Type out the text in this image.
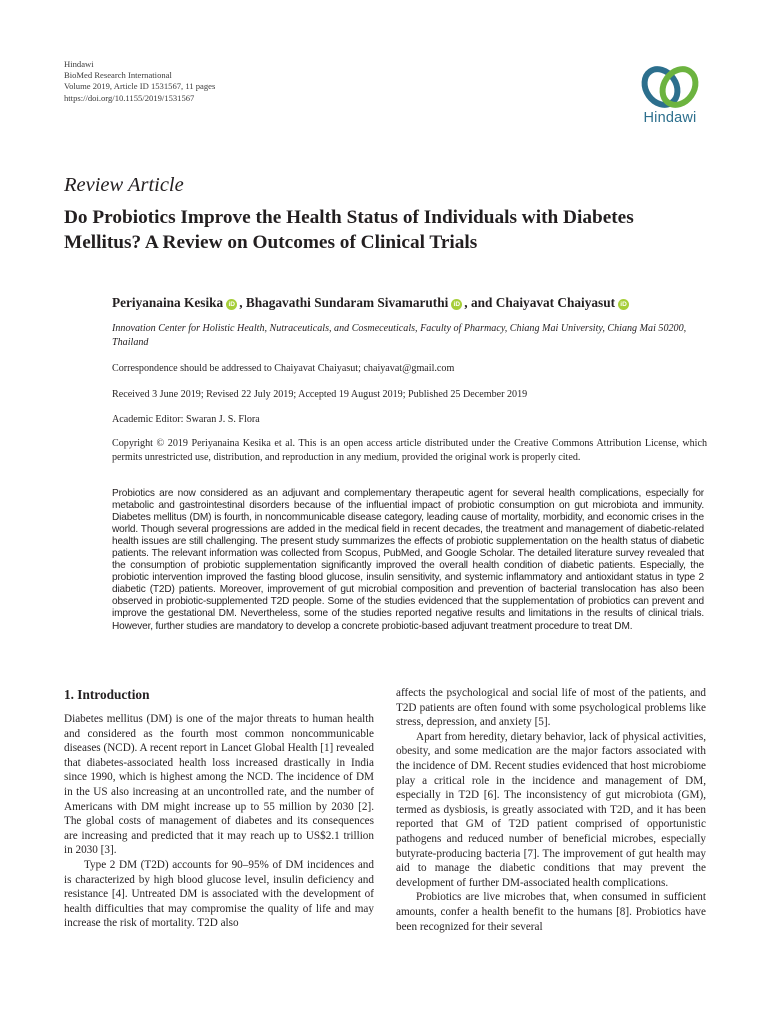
Hindawi
BioMed Research International
Volume 2019, Article ID 1531567, 11 pages
https://doi.org/10.1155/2019/1531567
Hindawi
Review Article
Do Probiotics Improve the Health Status of Individuals with Diabetes Mellitus? A Review on Outcomes of Clinical Trials
Periyanaina Kesika iD , Bhagavathi Sundaram Sivamaruthi iD , and Chaiyavat Chaiyasut iD
Innovation Center for Holistic Health, Nutraceuticals, and Cosmeceuticals, Faculty of Pharmacy, Chiang Mai University, Chiang Mai 50200, Thailand
Correspondence should be addressed to Chaiyavat Chaiyasut; chaiyavat@gmail.com
Received 3 June 2019; Revised 22 July 2019; Accepted 19 August 2019; Published 25 December 2019
Academic Editor: Swaran J. S. Flora
Copyright © 2019 Periyanaina Kesika et al. This is an open access article distributed under the Creative Commons Attribution License, which permits unrestricted use, distribution, and reproduction in any medium, provided the original work is properly cited.
Probiotics are now considered as an adjuvant and complementary therapeutic agent for several health complications, especially for metabolic and gastrointestinal disorders because of the influential impact of probiotic consumption on gut microbiota and immunity. Diabetes mellitus (DM) is fourth, in noncommunicable disease category, leading cause of mortality, morbidity, and economic crises in the world. Though several progressions are added in the medical field in recent decades, the treatment and management of diabetic-related health issues are still challenging. The present study summarizes the effects of probiotic supplementation on the health status of diabetic patients. The relevant information was collected from Scopus, PubMed, and Google Scholar. The detailed literature survey revealed that the consumption of probiotic supplementation significantly improved the overall health condition of diabetic patients. Especially, the probiotic intervention improved the fasting blood glucose, insulin sensitivity, and systemic inflammatory and antioxidant status in type 2 diabetic (T2D) patients. Moreover, improvement of gut microbial composition and prevention of bacterial translocation has also been observed in probiotic-supplemented T2D people. Some of the studies evidenced that the supplementation of probiotics can prevent and improve the gestational DM. Nevertheless, some of the studies reported negative results and limitations in the results of clinical trials. However, further studies are mandatory to develop a concrete probiotic-based adjuvant treatment procedure to treat DM.
1. Introduction

Diabetes mellitus (DM) is one of the major threats to human health and considered as the fourth most common noncommunicable diseases (NCD). A recent report in Lancet Global Health [1] revealed that diabetes-associated health loss increased drastically in India since 1990, which is highest among the NCD. The incidence of DM in the US also increasing at an uncontrolled rate, and the number of Americans with DM might increase up to 55 million by 2030 [2]. The global costs of management of diabetes and its consequences are increasing and predicted that it may reach up to US$2.1 trillion in 2030 [3].

Type 2 DM (T2D) accounts for 90–95% of DM incidences and is characterized by high blood glucose level, insulin deficiency and resistance [4]. Untreated DM is associated with the development of health difficulties that may compromise the quality of life and may increase the risk of mortality. T2D also

affects the psychological and social life of most of the patients, and T2D patients are often found with some psychological problems like stress, depression, and anxiety [5].

Apart from heredity, dietary behavior, lack of physical activities, obesity, and some medication are the major factors associated with the incidence of DM. Recent studies evidenced that host microbiome play a critical role in the incidence and management of DM, especially in T2D [6]. The inconsistency of gut microbiota (GM), termed as dysbiosis, is greatly associated with T2D, and it has been reported that GM of T2D patient comprised of opportunistic pathogens and reduced number of beneficial microbes, especially butyrate-producing bacteria [7]. The improvement of gut health may aid to manage the diabetic conditions that may prevent the development of further DM-associated health complications.

Probiotics are live microbes that, when consumed in sufficient amounts, confer a health benefit to the humans [8]. Probiotics have been recognized for their several
